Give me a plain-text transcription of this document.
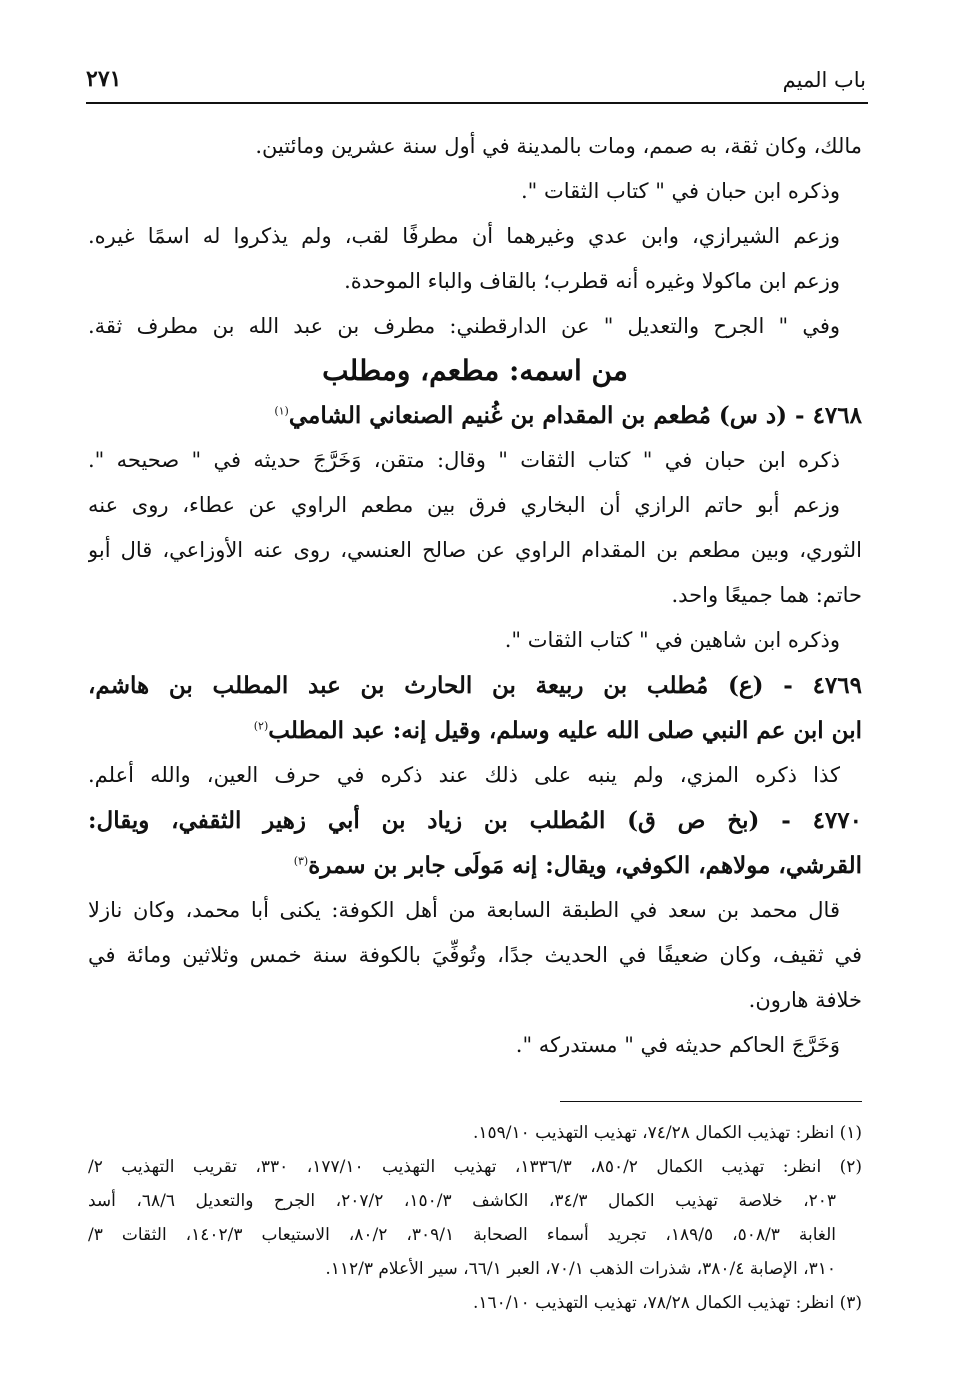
باب الميم
٢٧١
مالك، وكان ثقة، به صمم، ومات بالمدينة في أول سنة عشرين ومائتين.
وذكره ابن حبان في " كتاب الثقات ".
وزعم الشيرازي، وابن عدي وغيرهما أن مطرفًا لقب، ولم يذكروا له اسمًا غيره.
وزعم ابن ماكولا وغيره أنه قطرب؛ بالقاف والباء الموحدة.
وفي " الجرح والتعديل " عن الدارقطني: مطرف بن عبد الله بن مطرف ثقة.
من اسمه: مطعم، ومطلب
٤٧٦٨ - (د س) مُطعم بن المقدام بن غُنيم الصنعاني الشامي$^{(١)}$
ذكره ابن حبان في " كتاب الثقات " وقال: متقن، وَخَرَّجَ حديثه في " صحيحه ".
وزعم أبو حاتم الرازي أن البخاري فرق بين مطعم الراوي عن عطاء، روى عنه
الثوري، وبين مطعم بن المقدام الراوي عن صالح العنسي، روى عنه الأوزاعي، قال أبو
حاتم: هما جميعًا واحد.
وذكره ابن شاهين في " كتاب الثقات ".
٤٧٦٩ - (ع) مُطلب بن ربيعة بن الحارث بن عبد المطلب بن هاشم،
ابن ابن عم النبي صلى الله عليه وسلم، وقيل إنه: عبد المطلب$^{(٢)}$
كذا ذكره المزي، ولم ينبه على ذلك عند ذكره في حرف العين، والله أعلم.
٤٧٧٠ - (بخ ص ق) المُطلب بن زياد بن أبي زهير الثقفي، ويقال:
القرشي، مولاهم، الكوفي، ويقال: إنه مَولَى جابر بن سمرة$^{(٣)}$
قال محمد بن سعد في الطبقة السابعة من أهل الكوفة: يكنى أبا محمد، وكان نازلا
في ثقيف، وكان ضعيفًا في الحديث جدًا، وتُوفِّيَ بالكوفة سنة خمس وثلاثين ومائة في
خلافة هارون.
وَخَرَّجَ الحاكم حديثه في " مستدركه ".
(١) انظر: تهذيب الكمال ٧٤/٢٨، تهذيب التهذيب ١٥٩/١٠.
(٢) انظر: تهذيب الكمال ٨٥٠/٢، ١٣٣٦/٣، تهذيب التهذيب ١٧٧/١٠، ٣٣٠، تقريب التهذيب ٢/
٢٠٣، خلاصة تهذيب الكمال ٣٤/٣، الكاشف ١٥٠/٣، ٢٠٧/٢، الجرح والتعديل ٦٨/٦، أسد
الغابة ٥٠٨/٣، ١٨٩/٥، تجريد أسماء الصحابة ٣٠٩/١، ٨٠/٢، الاستيعاب ١٤٠٢/٣، الثقات ٣/
٣١٠، الإصابة ٣٨٠/٤، شذرات الذهب ٧٠/١، العبر ٦٦/١، سير الأعلام ١١٢/٣.
(٣) انظر: تهذيب الكمال ٧٨/٢٨، تهذيب التهذيب ١٦٠/١٠.
